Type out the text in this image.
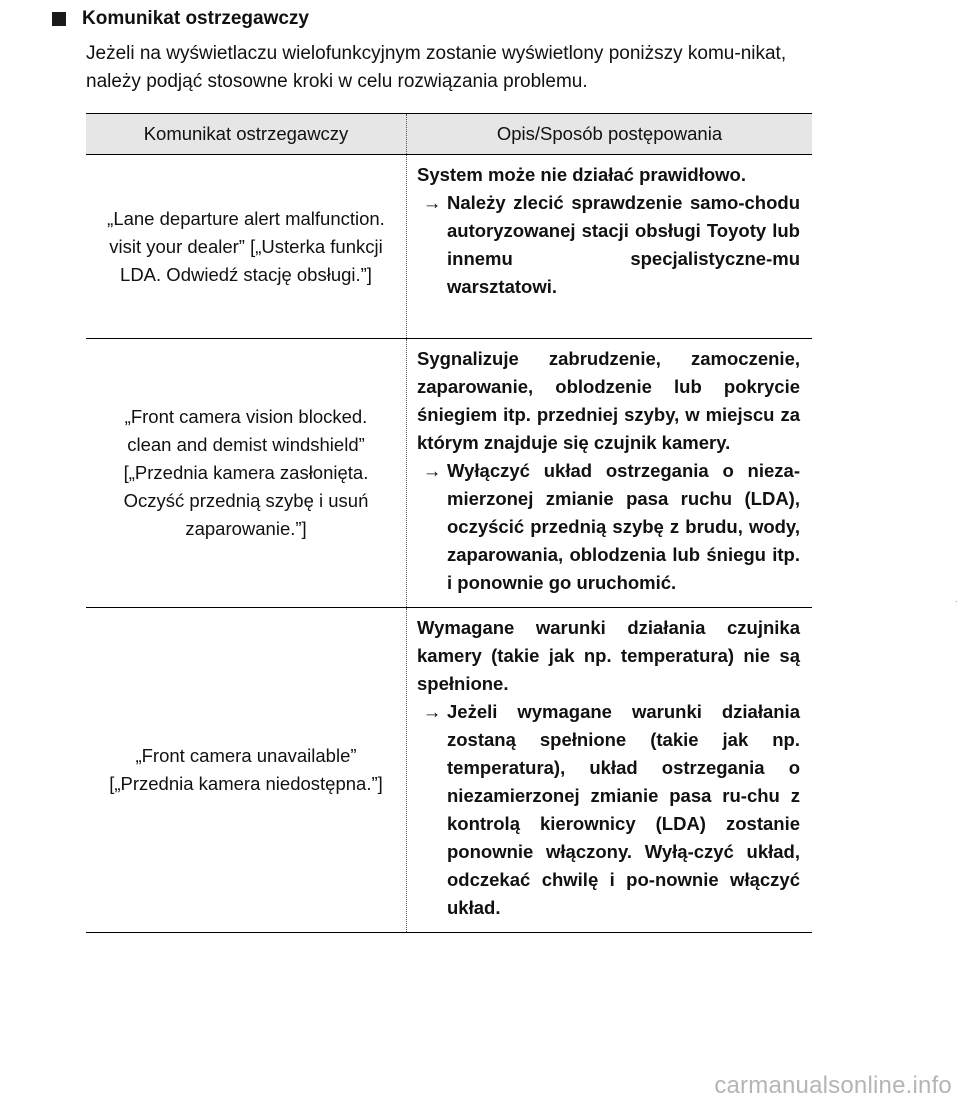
Komunikat ostrzegawczy
Jeżeli na wyświetlaczu wielofunkcyjnym zostanie wyświetlony poniższy komu-nikat, należy podjąć stosowne kroki w celu rozwiązania problemu.
Komunikat ostrzegawczy	Opis/Sposób postępowania
„Lane departure alert malfunction. visit your dealer” [„Usterka funkcji LDA. Odwiedź stację obsługi.”]	System może nie działać prawidłowo.
→ Należy zlecić sprawdzenie samo-chodu autoryzowanej stacji obsługi Toyoty lub innemu specjalistyczne-mu warsztatowi.

„Front camera vision blocked. clean and demist windshield” [„Przednia kamera zasłonięta. Oczyść przednią szybę i usuń zaparowanie.”]	Sygnalizuje zabrudzenie, zamoczenie, zaparowanie, oblodzenie lub pokrycie śniegiem itp. przedniej szyby, w miejscu za którym znajduje się czujnik kamery.
→ Wyłączyć układ ostrzegania o nieza-mierzonej zmianie pasa ruchu (LDA), oczyścić przednią szybę z brudu, wody, zaparowania, oblodzenia lub śniegu itp. i ponownie go uruchomić.

„Front camera unavailable” [„Przednia kamera niedostępna.”]	Wymagane warunki działania czujnika kamery (takie jak np. temperatura) nie są spełnione.
→ Jeżeli wymagane warunki działania zostaną spełnione (takie jak np. temperatura), układ ostrzegania o niezamierzonej zmianie pasa ru-chu z kontrolą kierownicy (LDA) zostanie ponownie włączony. Wyłą-czyć układ, odczekać chwilę i po-nownie włączyć układ.
·
carmanualsonline.info
